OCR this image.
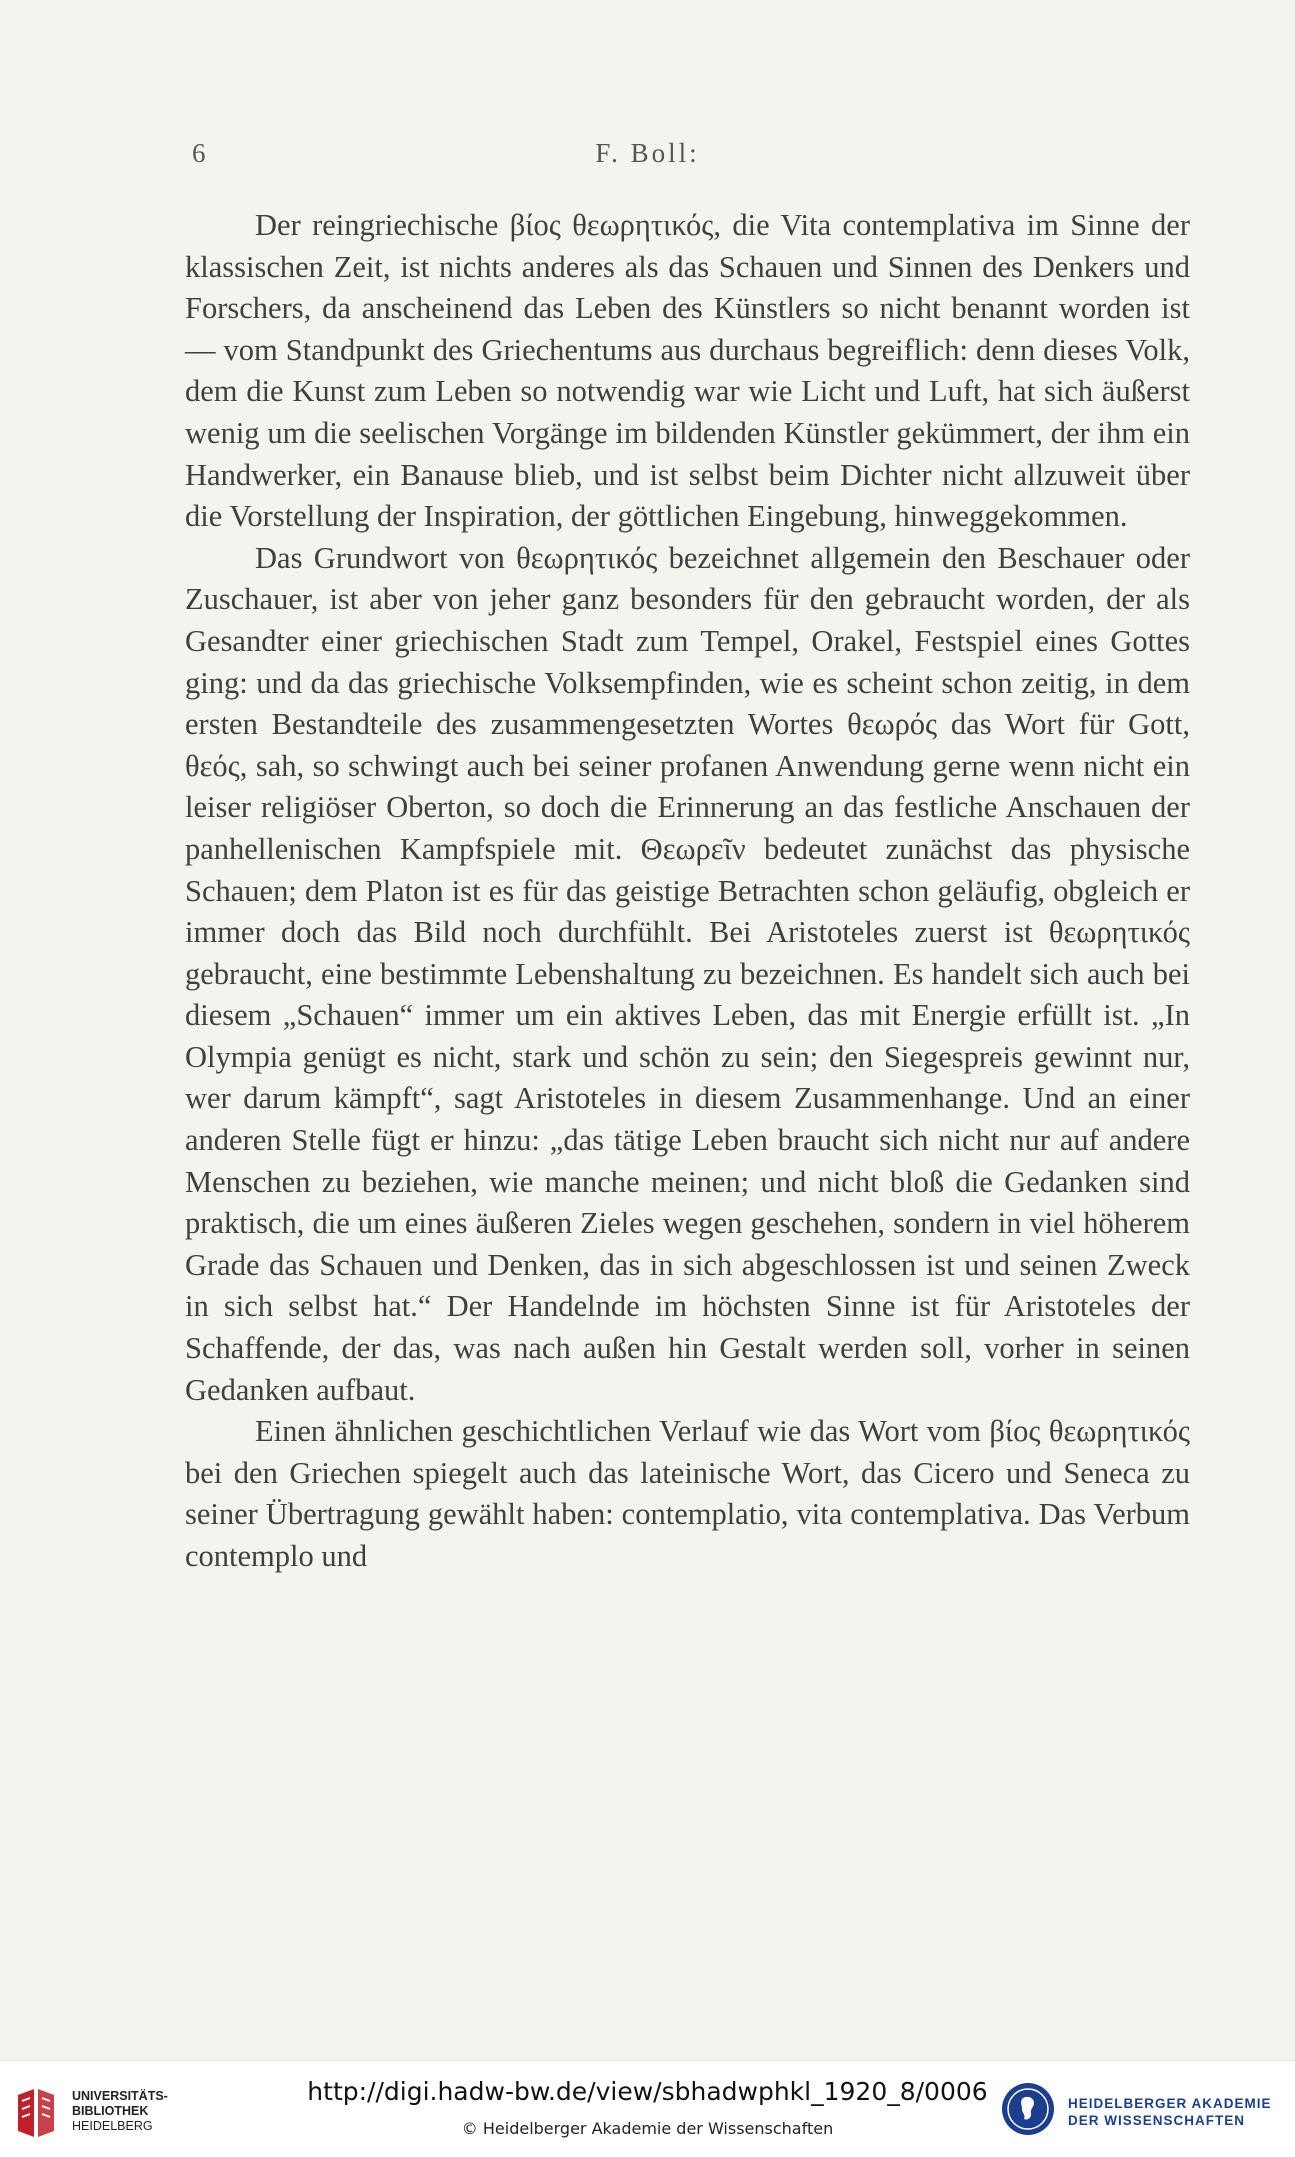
6	F. Boll:

Der reingriechische βίος θεωρητικός, die Vita contemplativa im Sinne der klassischen Zeit, ist nichts anderes als das Schauen und Sinnen des Denkers und Forschers, da anscheinend das Leben des Künstlers so nicht benannt worden ist — vom Standpunkt des Griechentums aus durchaus begreiflich: denn dieses Volk, dem die Kunst zum Leben so notwendig war wie Licht und Luft, hat sich äußerst wenig um die seelischen Vorgänge im bildenden Künstler gekümmert, der ihm ein Handwerker, ein Banause blieb, und ist selbst beim Dichter nicht allzuweit über die Vorstellung der Inspiration, der göttlichen Eingebung, hinweggekommen.

Das Grundwort von θεωρητικός bezeichnet allgemein den Beschauer oder Zuschauer, ist aber von jeher ganz besonders für den gebraucht worden, der als Gesandter einer griechischen Stadt zum Tempel, Orakel, Festspiel eines Gottes ging: und da das griechische Volksempfinden, wie es scheint schon zeitig, in dem ersten Bestandteile des zusammengesetzten Wortes θεωρός das Wort für Gott, θεός, sah, so schwingt auch bei seiner profanen Anwendung gerne wenn nicht ein leiser religiöser Oberton, so doch die Erinnerung an das festliche Anschauen der panhellenischen Kampfspiele mit. Θεωρεῖν bedeutet zunächst das physische Schauen; dem Platon ist es für das geistige Betrachten schon geläufig, obgleich er immer doch das Bild noch durchfühlt. Bei Aristoteles zuerst ist θεωρητικός gebraucht, eine bestimmte Lebenshaltung zu bezeichnen. Es handelt sich auch bei diesem „Schauen“ immer um ein aktives Leben, das mit Energie erfüllt ist. „In Olympia genügt es nicht, stark und schön zu sein; den Siegespreis gewinnt nur, wer darum kämpft“, sagt Aristoteles in diesem Zusammenhange. Und an einer anderen Stelle fügt er hinzu: „das tätige Leben braucht sich nicht nur auf andere Menschen zu beziehen, wie manche meinen; und nicht bloß die Gedanken sind praktisch, die um eines äußeren Zieles wegen geschehen, sondern in viel höherem Grade das Schauen und Denken, das in sich abgeschlossen ist und seinen Zweck in sich selbst hat.“ Der Handelnde im höchsten Sinne ist für Aristoteles der Schaffende, der das, was nach außen hin Gestalt werden soll, vorher in seinen Gedanken aufbaut.

Einen ähnlichen geschichtlichen Verlauf wie das Wort vom βίος θεωρητικός bei den Griechen spiegelt auch das lateinische Wort, das Cicero und Seneca zu seiner Übertragung gewählt haben: contemplatio, vita contemplativa. Das Verbum contemplo und

UNIVERSITÄTS-
BIBLIOTHEK
HEIDELBERG
http://digi.hadw-bw.de/view/sbhadwphkl_1920_8/0006
© Heidelberger Akademie der Wissenschaften
HEIDELBERGER AKADEMIE
DER WISSENSCHAFTEN
